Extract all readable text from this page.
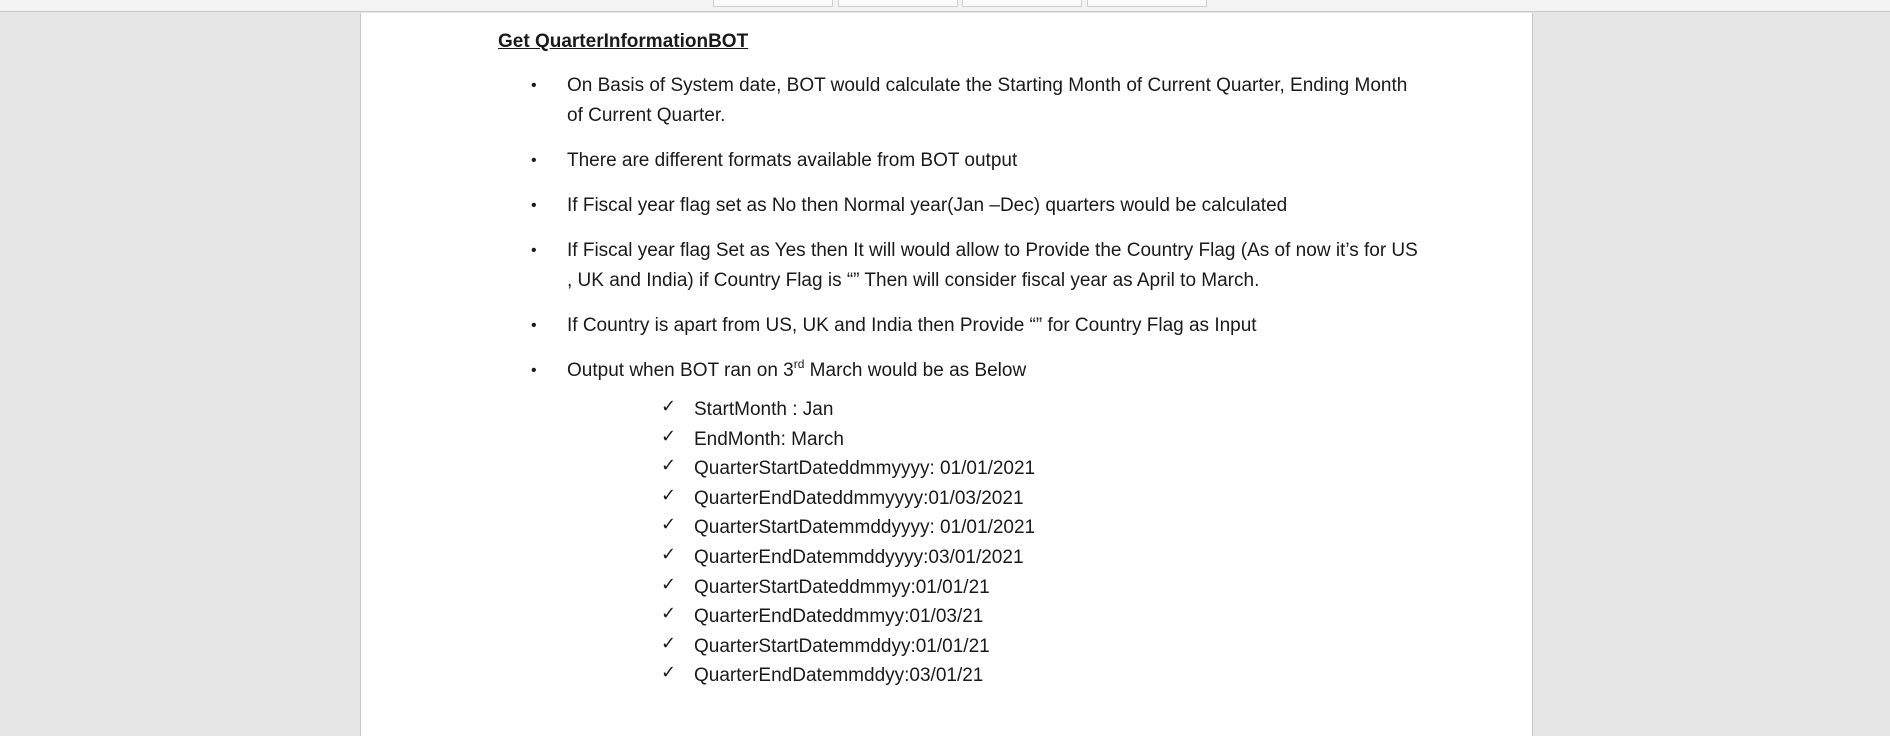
Get QuarterInformationBOT
• On Basis of System date, BOT would calculate the Starting Month of Current Quarter, Ending Month of Current Quarter.
• There are different formats available from BOT output
• If Fiscal year flag set as No then Normal year(Jan –Dec) quarters would be calculated
• If Fiscal year flag Set as Yes then It will would allow to Provide the Country Flag (As of now it’s for US , UK and India) if Country Flag is “” Then will consider fiscal year as April to March.
• If Country is apart from US, UK and India then Provide “” for Country Flag as Input
• Output when BOT ran on 3rd March would be as Below
✓ StartMonth : Jan
✓ EndMonth: March
✓ QuarterStartDateddmmyyyy: 01/01/2021
✓ QuarterEndDateddmmyyyy:01/03/2021
✓ QuarterStartDatemmddyyyy: 01/01/2021
✓ QuarterEndDatemmddyyyy:03/01/2021
✓ QuarterStartDateddmmyy:01/01/21
✓ QuarterEndDateddmmyy:01/03/21
✓ QuarterStartDatemmddyy:01/01/21
✓ QuarterEndDatemmddyy:03/01/21
